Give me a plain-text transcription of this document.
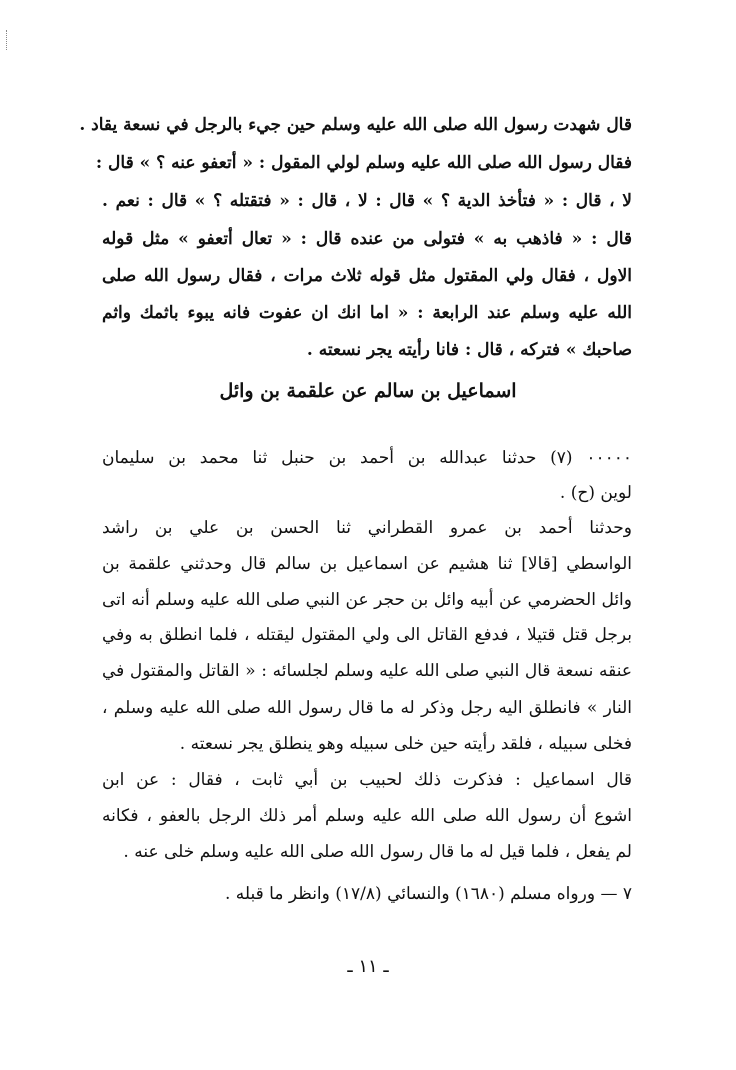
قال شهدت رسول الله صلى الله عليه وسلم حين جيء بالرجل في نسعة يقاد .
فقال رسول الله صلى الله عليه وسلم لولي المقول : « أتعفو عنه ؟ » قال :
لا ، قال : « فتأخذ الدية ؟ » قال : لا ، قال : « فتقتله ؟ » قال : نعم .
قال : « فاذهب به » فتولى من عنده قال : « تعال أتعفو » مثل قوله
الاول ، فقال ولي المقتول مثل قوله ثلاث مرات ، فقال رسول الله صلى
الله عليه وسلم عند الرابعة : « اما انك ان عفوت فانه يبوء باثمك واثم
صاحبك » فتركه ، قال : فانا رأيته يجر نسعته .
اسماعيل بن سالم عن علقمة بن وائل
٠٠٠٠٠ (٧) حدثنا عبدالله بن أحمد بن حنبل ثنا محمد بن سليمان
لوين (ح) .
وحدثنا أحمد بن عمرو القطراني ثنا الحسن بن علي بن راشد
الواسطي [قالا] ثنا هشيم عن اسماعيل بن سالم قال وحدثني علقمة بن
وائل الحضرمي عن أبيه وائل بن حجر عن النبي صلى الله عليه وسلم أنه اتى
برجل قتل قتيلا ، فدفع القاتل الى ولي المقتول ليقتله ، فلما انطلق به وفي
عنقه نسعة قال النبي صلى الله عليه وسلم لجلسائه : « القاتل والمقتول في
النار » فانطلق اليه رجل وذكر له ما قال رسول الله صلى الله عليه وسلم ،
فخلى سبيله ، فلقد رأيته حين خلى سبيله وهو ينطلق يجر نسعته .
قال اسماعيل : فذكرت ذلك لحبيب بن أبي ثابت ، فقال : عن ابن
اشوع أن رسول الله صلى الله عليه وسلم أمر ذلك الرجل بالعفو ، فكانه
لم يفعل ، فلما قيل له ما قال رسول الله صلى الله عليه وسلم خلى عنه .
٧ — ورواه مسلم (١٦٨٠) والنسائي (١٧/٨) وانظر ما قبله .
ـ ١١ ـ
